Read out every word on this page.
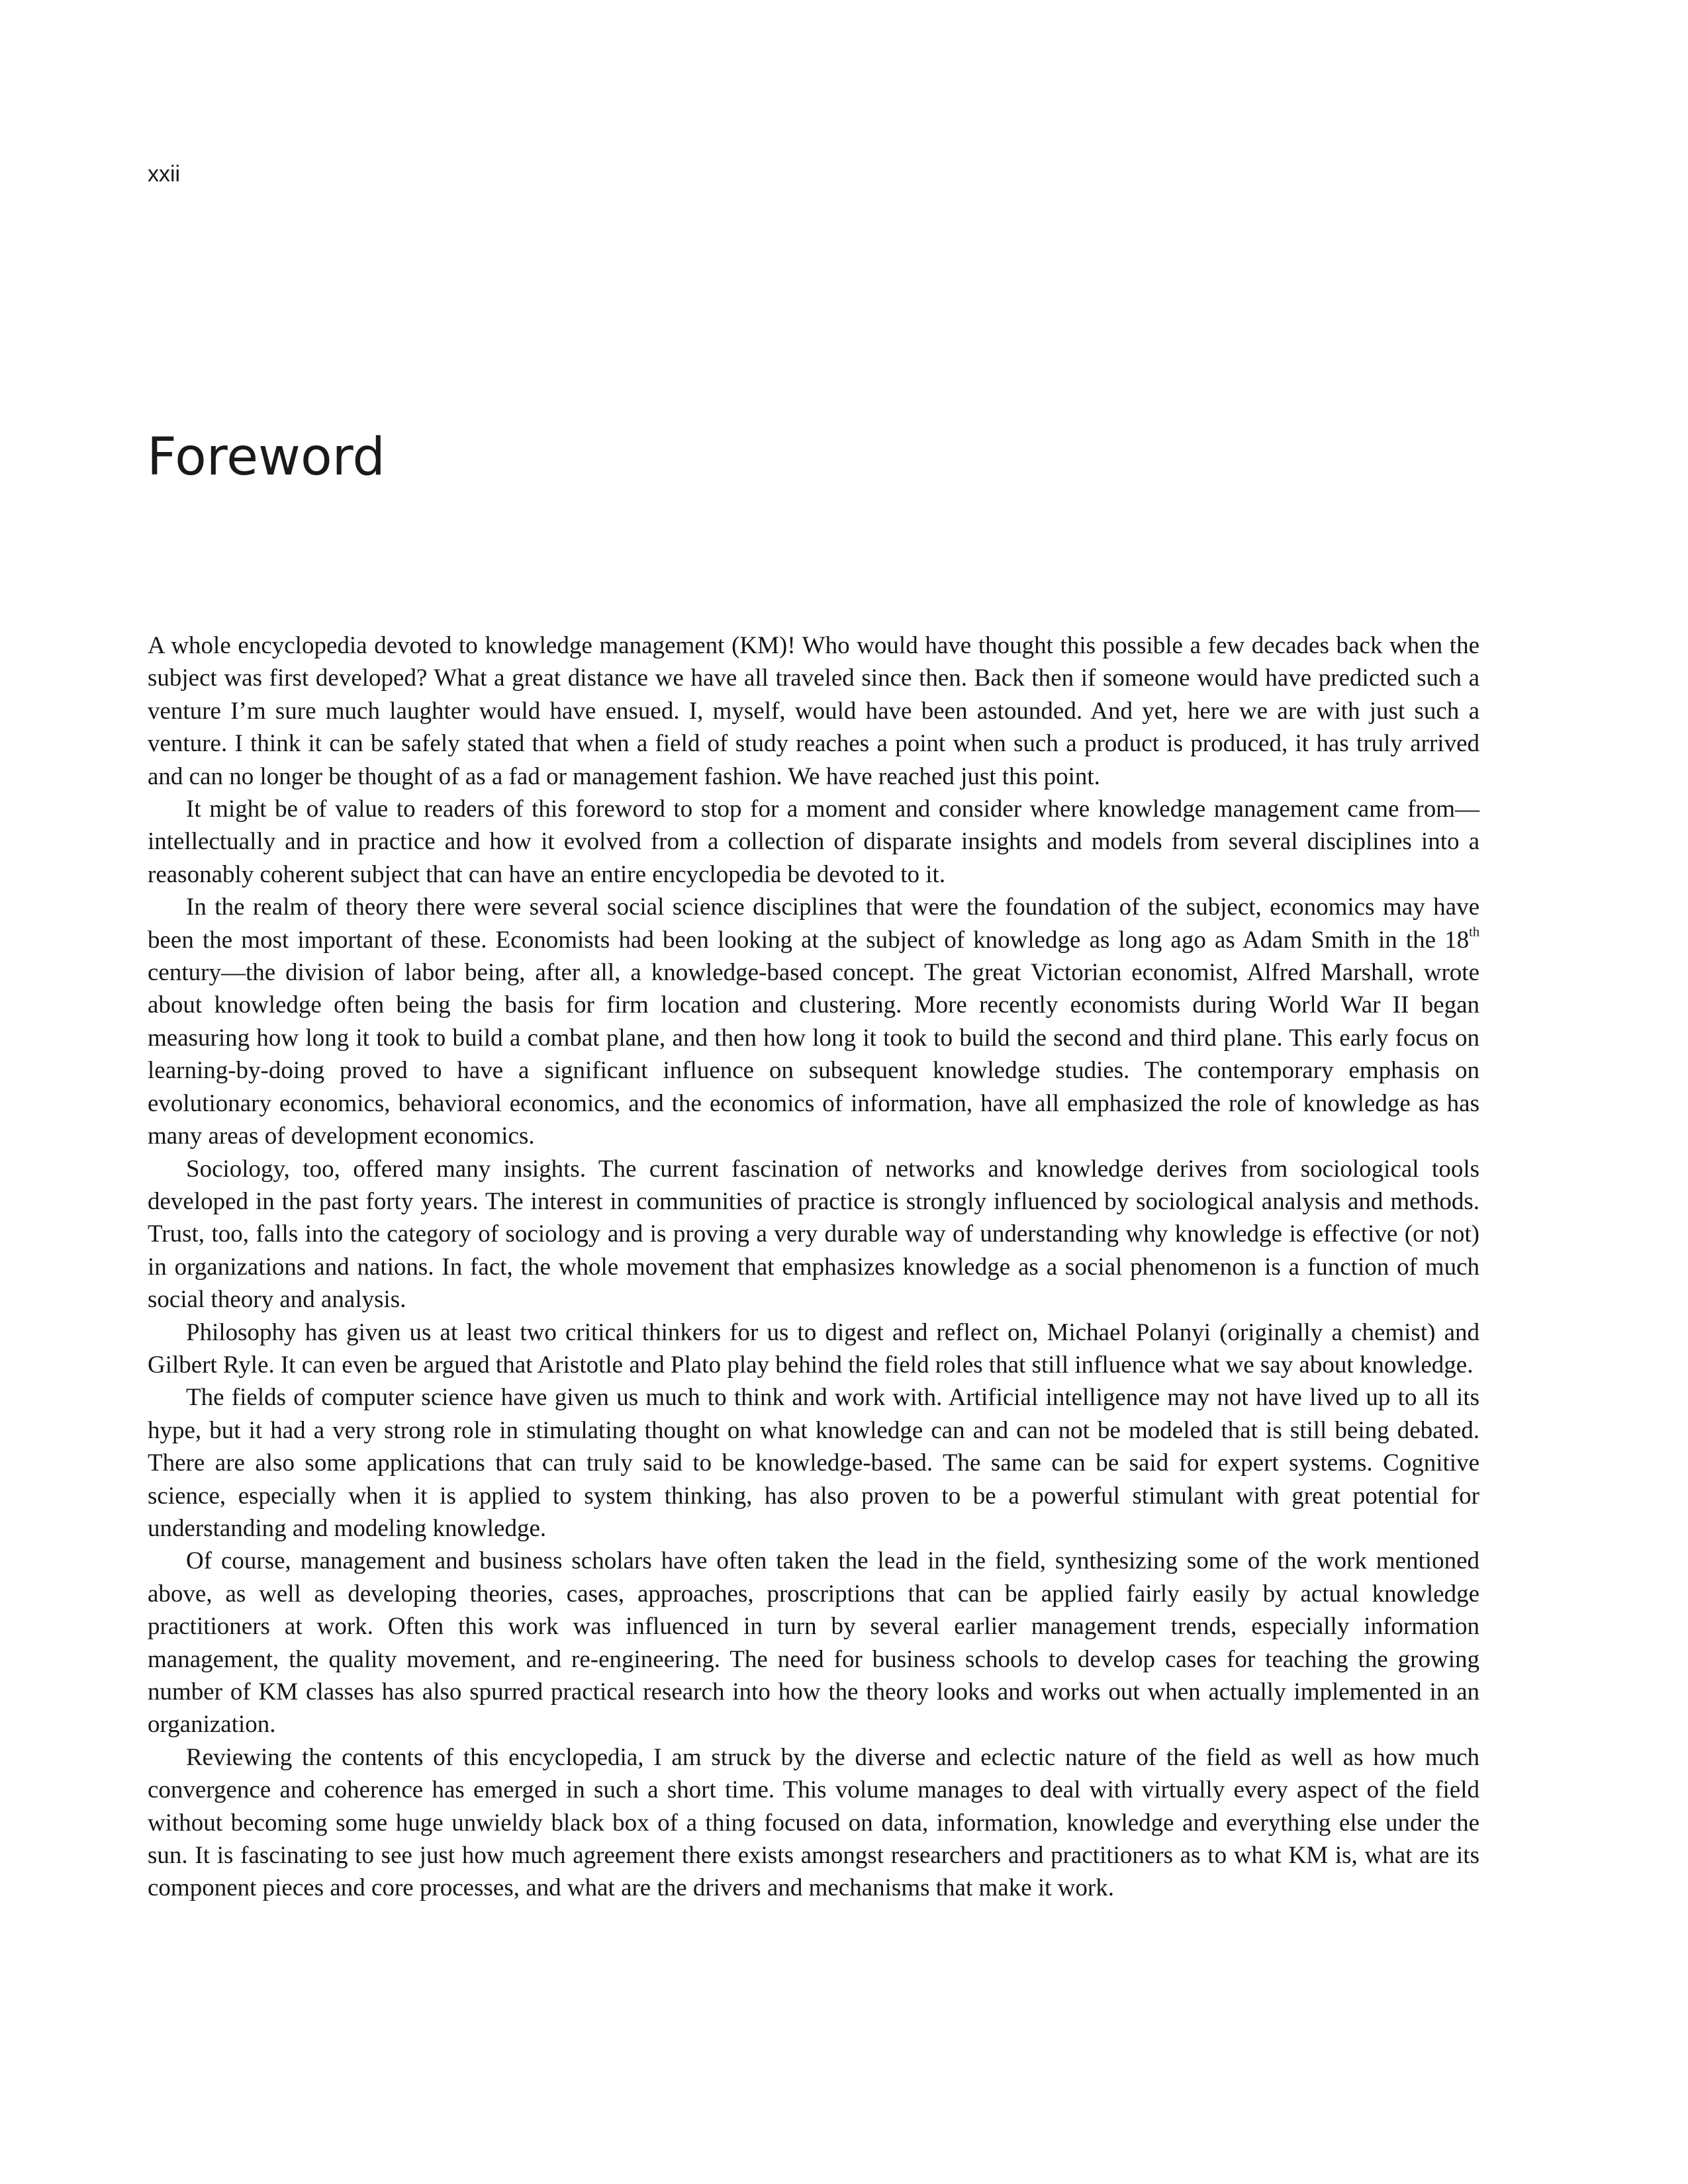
xxii
Foreword

A whole encyclopedia devoted to knowledge management (KM)! Who would have thought this possible a few decades back when the subject was first developed? What a great distance we have all traveled since then. Back then if someone would have predicted such a venture I’m sure much laughter would have ensued. I, myself, would have been astounded. And yet, here we are with just such a venture. I think it can be safely stated that when a field of study reaches a point when such a product is produced, it has truly arrived and can no longer be thought of as a fad or management fashion. We have reached just this point.

It might be of value to readers of this foreword to stop for a moment and consider where knowledge management came from—intellectually and in practice and how it evolved from a collection of disparate insights and models from several disciplines into a reasonably coherent subject that can have an entire encyclopedia be devoted to it.

In the realm of theory there were several social science disciplines that were the foundation of the subject, economics may have been the most important of these. Economists had been looking at the subject of knowledge as long ago as Adam Smith in the 18th century—the division of labor being, after all, a knowledge-based concept. The great Victorian economist, Alfred Marshall, wrote about knowledge often being the basis for firm location and clustering. More recently economists during World War II began measuring how long it took to build a combat plane, and then how long it took to build the second and third plane. This early focus on learning-by-doing proved to have a significant influence on subsequent knowledge studies. The contemporary emphasis on evolutionary economics, behavioral economics, and the economics of information, have all emphasized the role of knowledge as has many areas of development economics.

Sociology, too, offered many insights. The current fascination of networks and knowledge derives from sociological tools developed in the past forty years. The interest in communities of practice is strongly influenced by sociological analysis and methods. Trust, too, falls into the category of sociology and is proving a very durable way of understanding why knowledge is effective (or not) in organizations and nations. In fact, the whole movement that emphasizes knowledge as a social phenomenon is a function of much social theory and analysis.

Philosophy has given us at least two critical thinkers for us to digest and reflect on, Michael Polanyi (originally a chemist) and Gilbert Ryle. It can even be argued that Aristotle and Plato play behind the field roles that still influence what we say about knowledge.

The fields of computer science have given us much to think and work with. Artificial intelligence may not have lived up to all its hype, but it had a very strong role in stimulating thought on what knowledge can and can not be modeled that is still being debated. There are also some applications that can truly said to be knowledge-based. The same can be said for expert systems. Cognitive science, especially when it is applied to system thinking, has also proven to be a powerful stimulant with great potential for understanding and modeling knowledge.

Of course, management and business scholars have often taken the lead in the field, synthesizing some of the work mentioned above, as well as developing theories, cases, approaches, proscriptions that can be applied fairly easily by actual knowledge practitioners at work. Often this work was influenced in turn by several earlier management trends, especially information management, the quality movement, and re-engineering. The need for business schools to develop cases for teaching the growing number of KM classes has also spurred practical research into how the theory looks and works out when actually implemented in an organization.

Reviewing the contents of this encyclopedia, I am struck by the diverse and eclectic nature of the field as well as how much convergence and coherence has emerged in such a short time. This volume manages to deal with virtually every aspect of the field without becoming some huge unwieldy black box of a thing focused on data, information, knowledge and everything else under the sun. It is fascinating to see just how much agreement there exists amongst researchers and practitioners as to what KM is, what are its component pieces and core processes, and what are the drivers and mechanisms that make it work.
